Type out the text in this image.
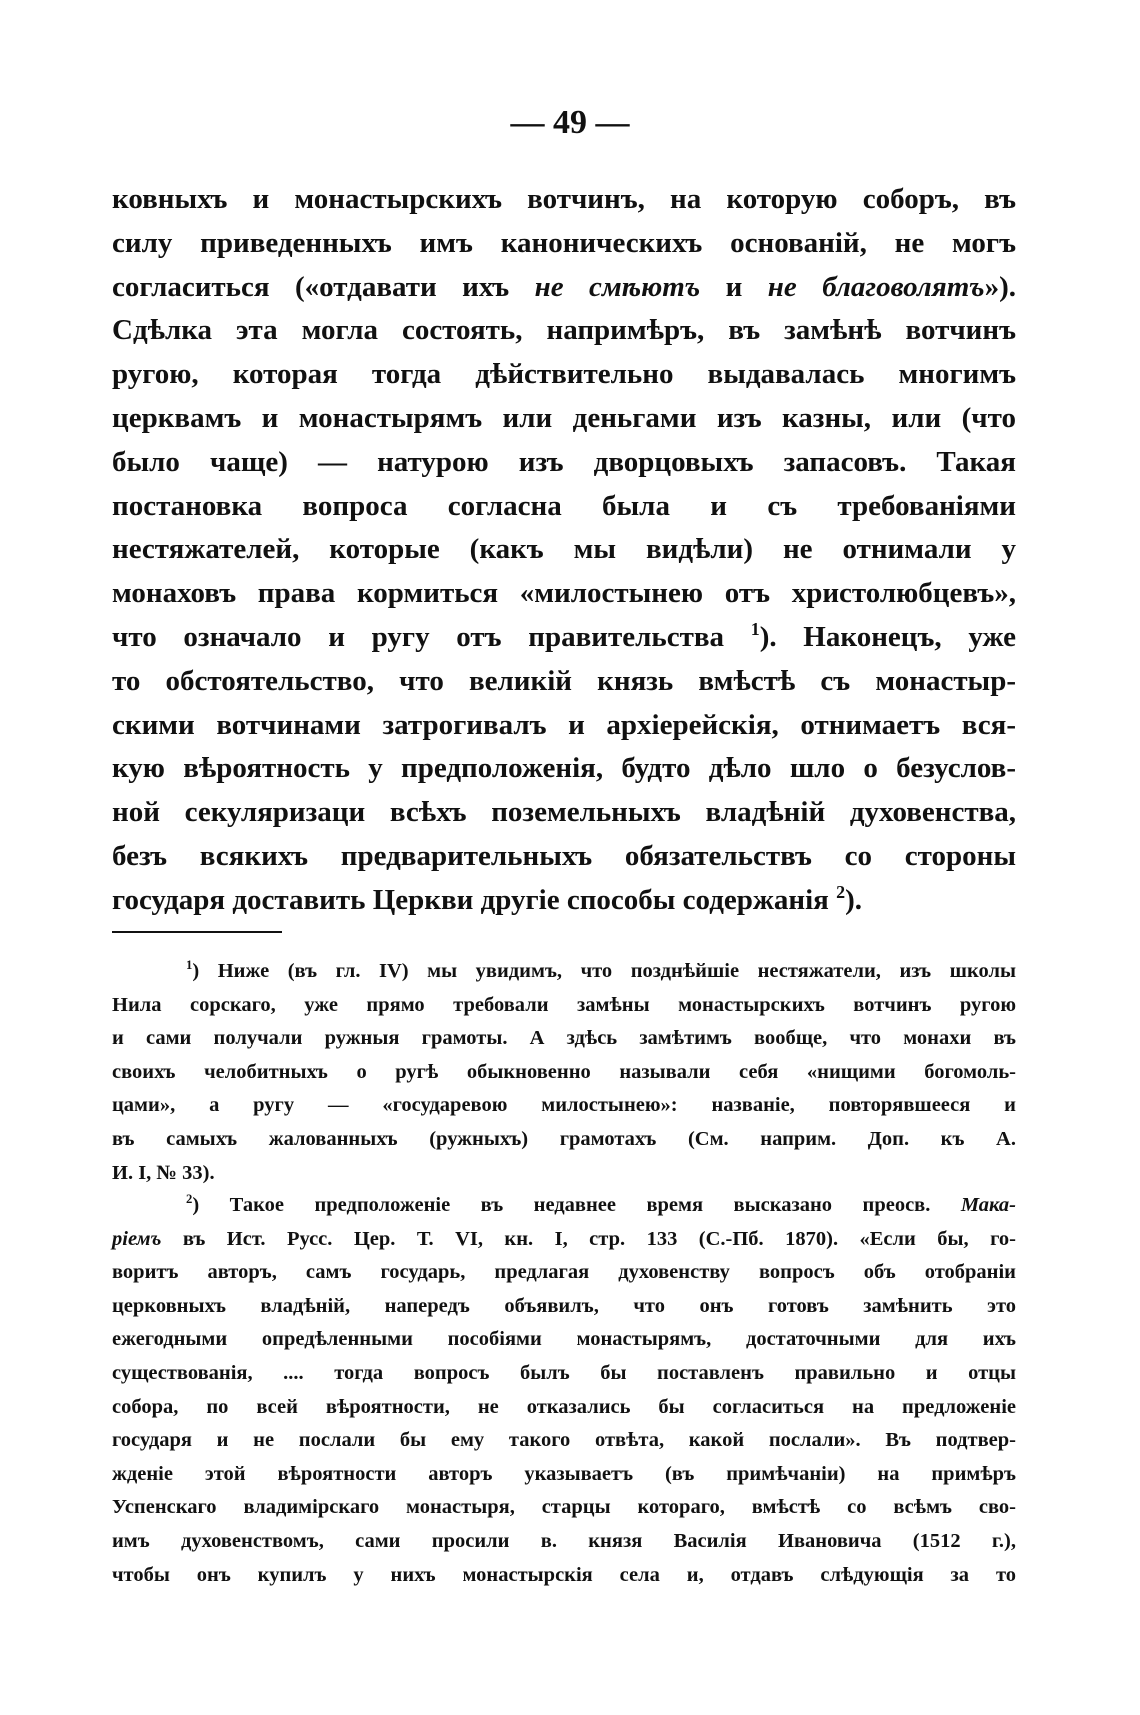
— 49 —
ковныхъ и монастырскихъ вотчинъ, на которую соборъ, въ
силу приведенныхъ имъ каноническихъ основаній, не могъ
согласиться («отдавати ихъ не смѣютъ и не благоволятъ»).
Сдѣлка эта могла состоять, напримѣръ, въ замѣнѣ вотчинъ
ругою, которая тогда дѣйствительно выдавалась многимъ
церквамъ и монастырямъ или деньгами изъ казны, или (что
было чаще) — натурою изъ дворцовыхъ запасовъ. Такая
постановка вопроса согласна была и съ требованіями
нестяжателей, которые (какъ мы видѣли) не отнимали у
монаховъ права кормиться «милостынею отъ христолюбцевъ»,
что означало и ругу отъ правительства $^1$). Наконецъ, уже
то обстоятельство, что великій князь вмѣстѣ съ монастыр-
скими вотчинами затрогивалъ и архіерейскія, отнимаетъ вся-
кую вѣроятность у предположенія, будто дѣло шло о безуслов-
ной секуляризаци всѣхъ поземельныхъ владѣній духовенства,
безъ всякихъ предварительныхъ обязательствъ со стороны
государя доставить Церкви другіе способы содержанія $^2$).
$^1$) Ниже (въ гл. IV) мы увидимъ, что позднѣйшіе нестяжатели, изъ школы
Нила сорскаго, уже прямо требовали замѣны монастырскихъ вотчинъ ругою
и сами получали ружныя грамоты. А здѣсь замѣтимъ вообще, что монахи въ
своихъ челобитныхъ о ругѣ обыкновенно называли себя «нищими богомоль-
цами», а ругу — «государевою милостынею»: названіе, повторявшееся и
въ самыхъ жалованныхъ (ружныхъ) грамотахъ (См. наприм. Доп. къ А.
И. I, № 33).
$^2$) Такое предположеніе въ недавнее время высказано преосв. Мака-
ріемъ въ Ист. Русс. Цер. Т. VI, кн. I, стр. 133 (С.-Пб. 1870). «Если бы, го-
воритъ авторъ, самъ государь, предлагая духовенству вопросъ объ отобраніи
церковныхъ владѣній, напередъ объявилъ, что онъ готовъ замѣнить это
ежегодными опредѣленными пособіями монастырямъ, достаточными для ихъ
существованія, .... тогда вопросъ былъ бы поставленъ правильно и отцы
собора, по всей вѣроятности, не отказались бы согласиться на предложеніе
государя и не послали бы ему такого отвѣта, какой послали». Въ подтвер-
жденіе этой вѣроятности авторъ указываетъ (въ примѣчаніи) на примѣръ
Успенскаго владимірскаго монастыря, старцы котораго, вмѣстѣ со всѣмъ сво-
имъ духовенствомъ, сами просили в. князя Василія Ивановича (1512 г.),
чтобы онъ купилъ у нихъ монастырскія села и, отдавъ слѣдующія за то
